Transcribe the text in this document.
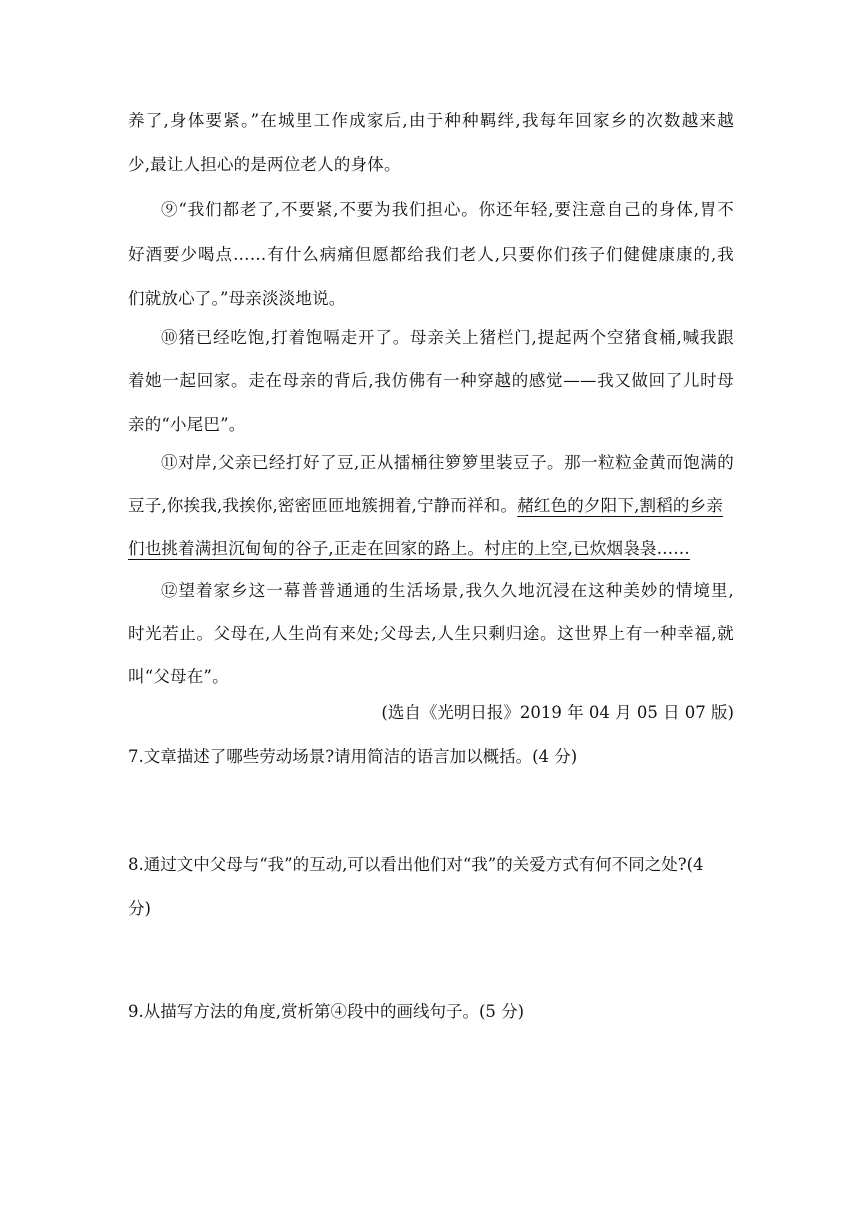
养了,身体要紧。”在城里工作成家后,由于种种羁绊,我每年回家乡的次数越来越
少,最让人担心的是两位老人的身体。
⑨“我们都老了,不要紧,不要为我们担心。你还年轻,要注意自己的身体,胃不
好酒要少喝点……有什么病痛但愿都给我们老人,只要你们孩子们健健康康的,我
们就放心了。”母亲淡淡地说。
⑩猪已经吃饱,打着饱嗝走开了。母亲关上猪栏门,提起两个空猪食桶,喊我跟
着她一起回家。走在母亲的背后,我仿佛有一种穿越的感觉——我又做回了儿时母
亲的“小尾巴”。
⑪对岸,父亲已经打好了豆,正从擂桶往箩箩里装豆子。那一粒粒金黄而饱满的
豆子,你挨我,我挨你,密密匝匝地簇拥着,宁静而祥和。赭红色的夕阳下,割稻的乡亲
们也挑着满担沉甸甸的谷子,正走在回家的路上。村庄的上空,已炊烟袅袅……
⑫望着家乡这一幕普普通通的生活场景,我久久地沉浸在这种美妙的情境里,
时光若止。父母在,人生尚有来处;父母去,人生只剩归途。这世界上有一种幸福,就
叫“父母在”。
(选自《光明日报》2019 年 04 月 05 日 07 版)
7.文章描述了哪些劳动场景?请用简洁的语言加以概括。(4 分)
8.通过文中父母与“我”的互动,可以看出他们对“我”的关爱方式有何不同之处?(4
分)
9.从描写方法的角度,赏析第④段中的画线句子。(5 分)
